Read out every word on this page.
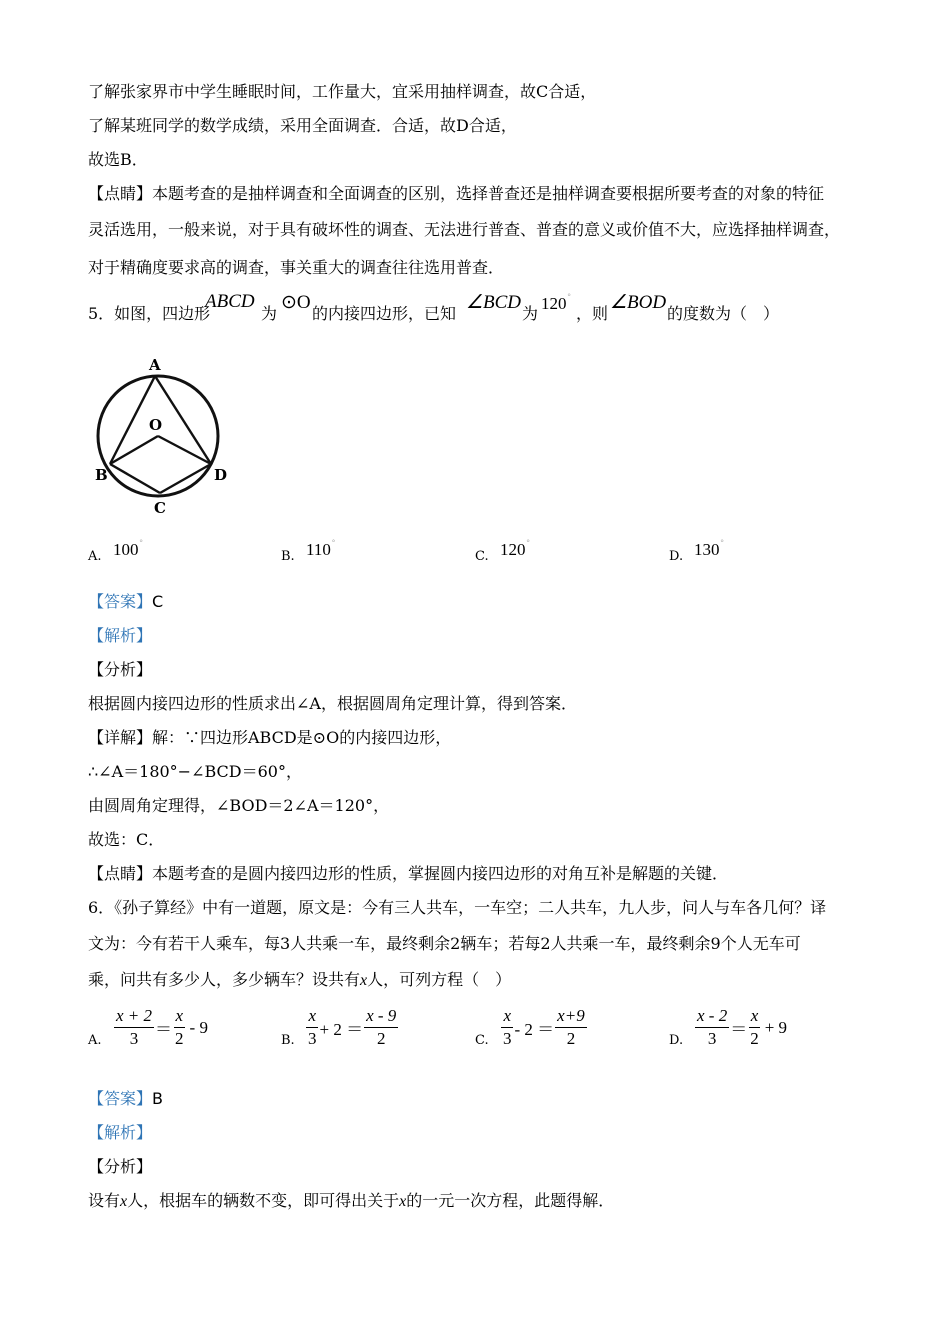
了解张家界市中学生睡眠时间，工作量大，宜采用抽样调查，故C合适，
了解某班同学的数学成绩，采用全面调查．合适，故D合适，
故选B．
【点睛】本题考查的是抽样调查和全面调查的区别，选择普查还是抽样调查要根据所要考查的对象的特征
灵活选用，一般来说，对于具有破坏性的调查、无法进行普查、普查的意义或价值不大，应选择抽样调查，
对于精确度要求高的调查，事关重大的调查往往选用普查．
5．如图，四边形
ABCD
为
⊙O
的内接四边形，已知
∠BCD
为
120°
，则
∠BOD
的度数为（　）
A
O
B	D
C
A. 100°
B. 110°
C. 120°
D. 130°
【答案】C
【解析】
【分析】
根据圆内接四边形的性质求出∠A，根据圆周角定理计算，得到答案．
【详解】解：∵四边形ABCD是⊙O的内接四边形，
∴∠A＝180°−∠BCD＝60°，
由圆周角定理得，∠BOD＝2∠A＝120°，
故选：C．
【点睛】本题考查的是圆内接四边形的性质，掌握圆内接四边形的对角互补是解题的关键．
6．《孙子算经》中有一道题，原文是：今有三人共车，一车空；二人共车，九人步，问人与车各几何？译
文为：今有若干人乘车，每3人共乘一车，最终剩余2辆车；若每2人共乘一车，最终剩余9个人无车可
乘，问共有多少人，多少辆车？设共有x人，可列方程（　）
A.
x + 2
3 ＝
x
2
- 9
B.
x
3 + 2 ＝
x - 9
2	C.
x
3 - 2 ＝
x+9
2	D.
x - 2
3 ＝
x
2
+ 9
【答案】B
【解析】
【分析】
设有x人，根据车的辆数不变，即可得出关于x的一元一次方程，此题得解．
